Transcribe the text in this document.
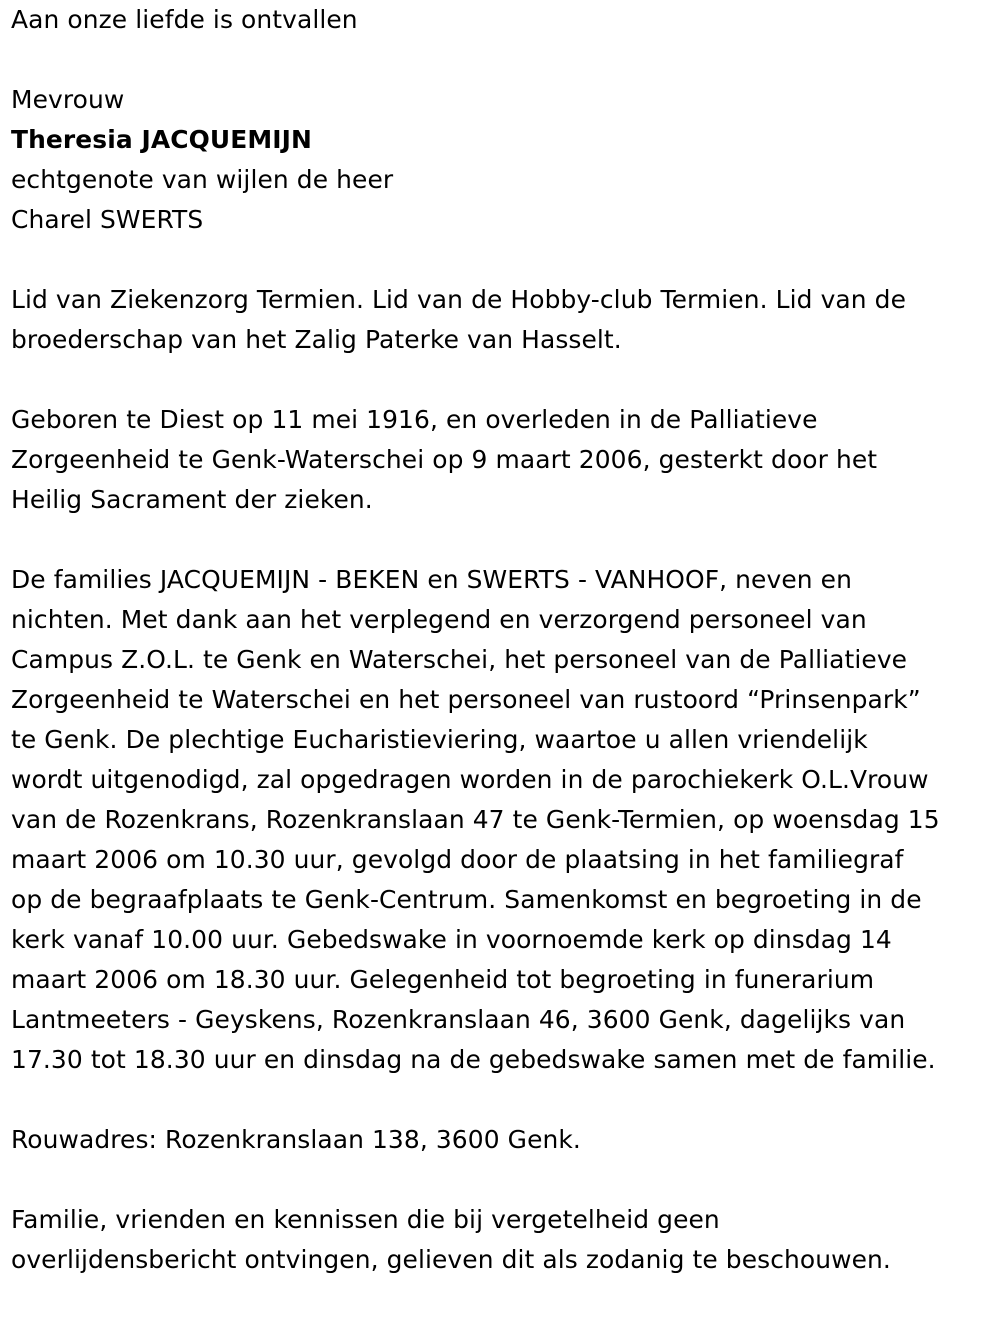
Aan onze liefde is ontvallen

Mevrouw

Theresia JACQUEMIJN

echtgenote van wijlen de heer

Charel SWERTS

Lid van Ziekenzorg Termien. Lid van de Hobby-club Termien. Lid van de

broederschap van het Zalig Paterke van Hasselt.

Geboren te Diest op 11 mei 1916, en overleden in de Palliatieve

Zorgeenheid te Genk-Waterschei op 9 maart 2006, gesterkt door het

Heilig Sacrament der zieken.

De families JACQUEMIJN - BEKEN en SWERTS - VANHOOF, neven en

nichten. Met dank aan het verplegend en verzorgend personeel van

Campus Z.O.L. te Genk en Waterschei, het personeel van de Palliatieve

Zorgeenheid te Waterschei en het personeel van rustoord “Prinsenpark”

te Genk. De plechtige Eucharistieviering, waartoe u allen vriendelijk

wordt uitgenodigd, zal opgedragen worden in de parochiekerk O.L.Vrouw

van de Rozenkrans, Rozenkranslaan 47 te Genk-Termien, op woensdag 15

maart 2006 om 10.30 uur, gevolgd door de plaatsing in het familiegraf

op de begraafplaats te Genk-Centrum. Samenkomst en begroeting in de

kerk vanaf 10.00 uur. Gebedswake in voornoemde kerk op dinsdag 14

maart 2006 om 18.30 uur. Gelegenheid tot begroeting in funerarium

Lantmeeters - Geyskens, Rozenkranslaan 46, 3600 Genk, dagelijks van

17.30 tot 18.30 uur en dinsdag na de gebedswake samen met de familie.

Rouwadres: Rozenkranslaan 138, 3600 Genk.

Familie, vrienden en kennissen die bij vergetelheid geen

overlijdensbericht ontvingen, gelieven dit als zodanig te beschouwen.
